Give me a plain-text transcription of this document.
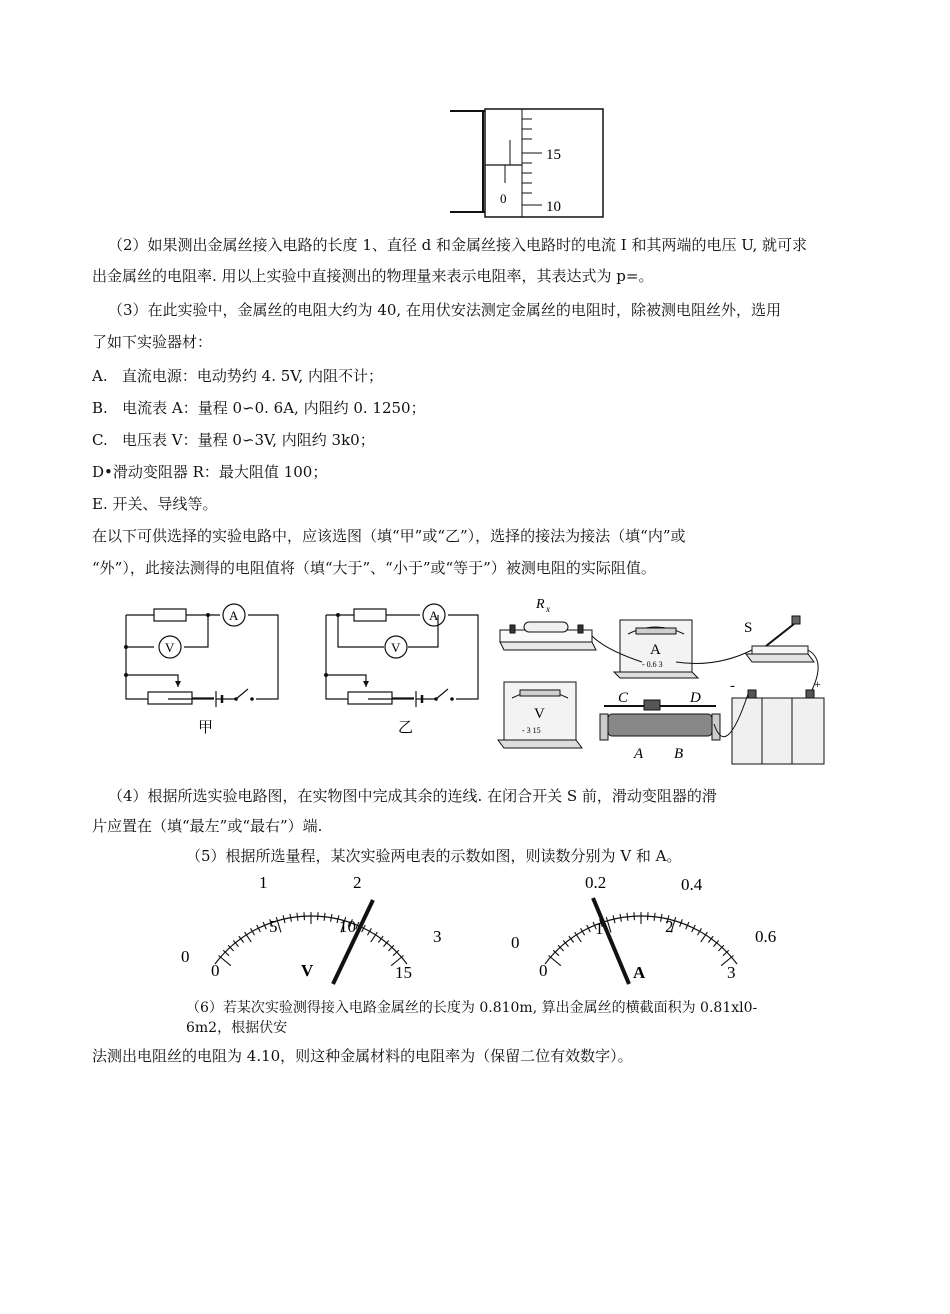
15
0
10
（2）如果测出金属丝接入电路的长度 1、直径 d 和金属丝接入电路时的电流 I 和其两端的电压 U, 就可求
出金属丝的电阻率. 用以上实验中直接测出的物理量来表示电阻率，其表达式为 p=。
（3）在此实验中，金属丝的电阻大约为 40, 在用伏安法测定金属丝的电阻时，除被测电阻丝外，选用
了如下实验器材：
A.   直流电源：电动势约 4. 5V, 内阻不计；
B.   电流表 A：量程 0∽0. 6A, 内阻约 0. 1250；
C.   电压表 V：量程 0∽3V, 内阻约 3k0；
D•滑动变阻器 R：最大阻值 100；
E. 开关、导线等。
在以下可供选择的实验电路中，应该选图（填“甲”或“乙”），选择的接法为接法（填“内”或
“外”），此接法测得的电阻值将（填“大于”、“小于”或“等于”）被测电阻的实际阻值。
A
V
甲
A
V
乙
R x
A
- 0.6 3
V
- 3 15
S
C	D
A B
-	+
（4）根据所选实验电路图，在实物图中完成其余的连线. 在闭合开关 S 前，滑动变阻器的滑
片应置在（填“最左”或“最右”）端.
（5）根据所选量程，某次实验两电表的示数如图，则读数分别为 V 和 A。
0
1	2
3
0
5	10
15
V
0
0.2	0.4
0.6
0
1	2
3
A
（6）若某次实验测得接入电路金属丝的长度为 0.810m, 算出金属丝的横截面积为 0.81xl0-
6m2，根据伏安
法测出电阻丝的电阻为 4.10，则这种金属材料的电阻率为（保留二位有效数字）。
